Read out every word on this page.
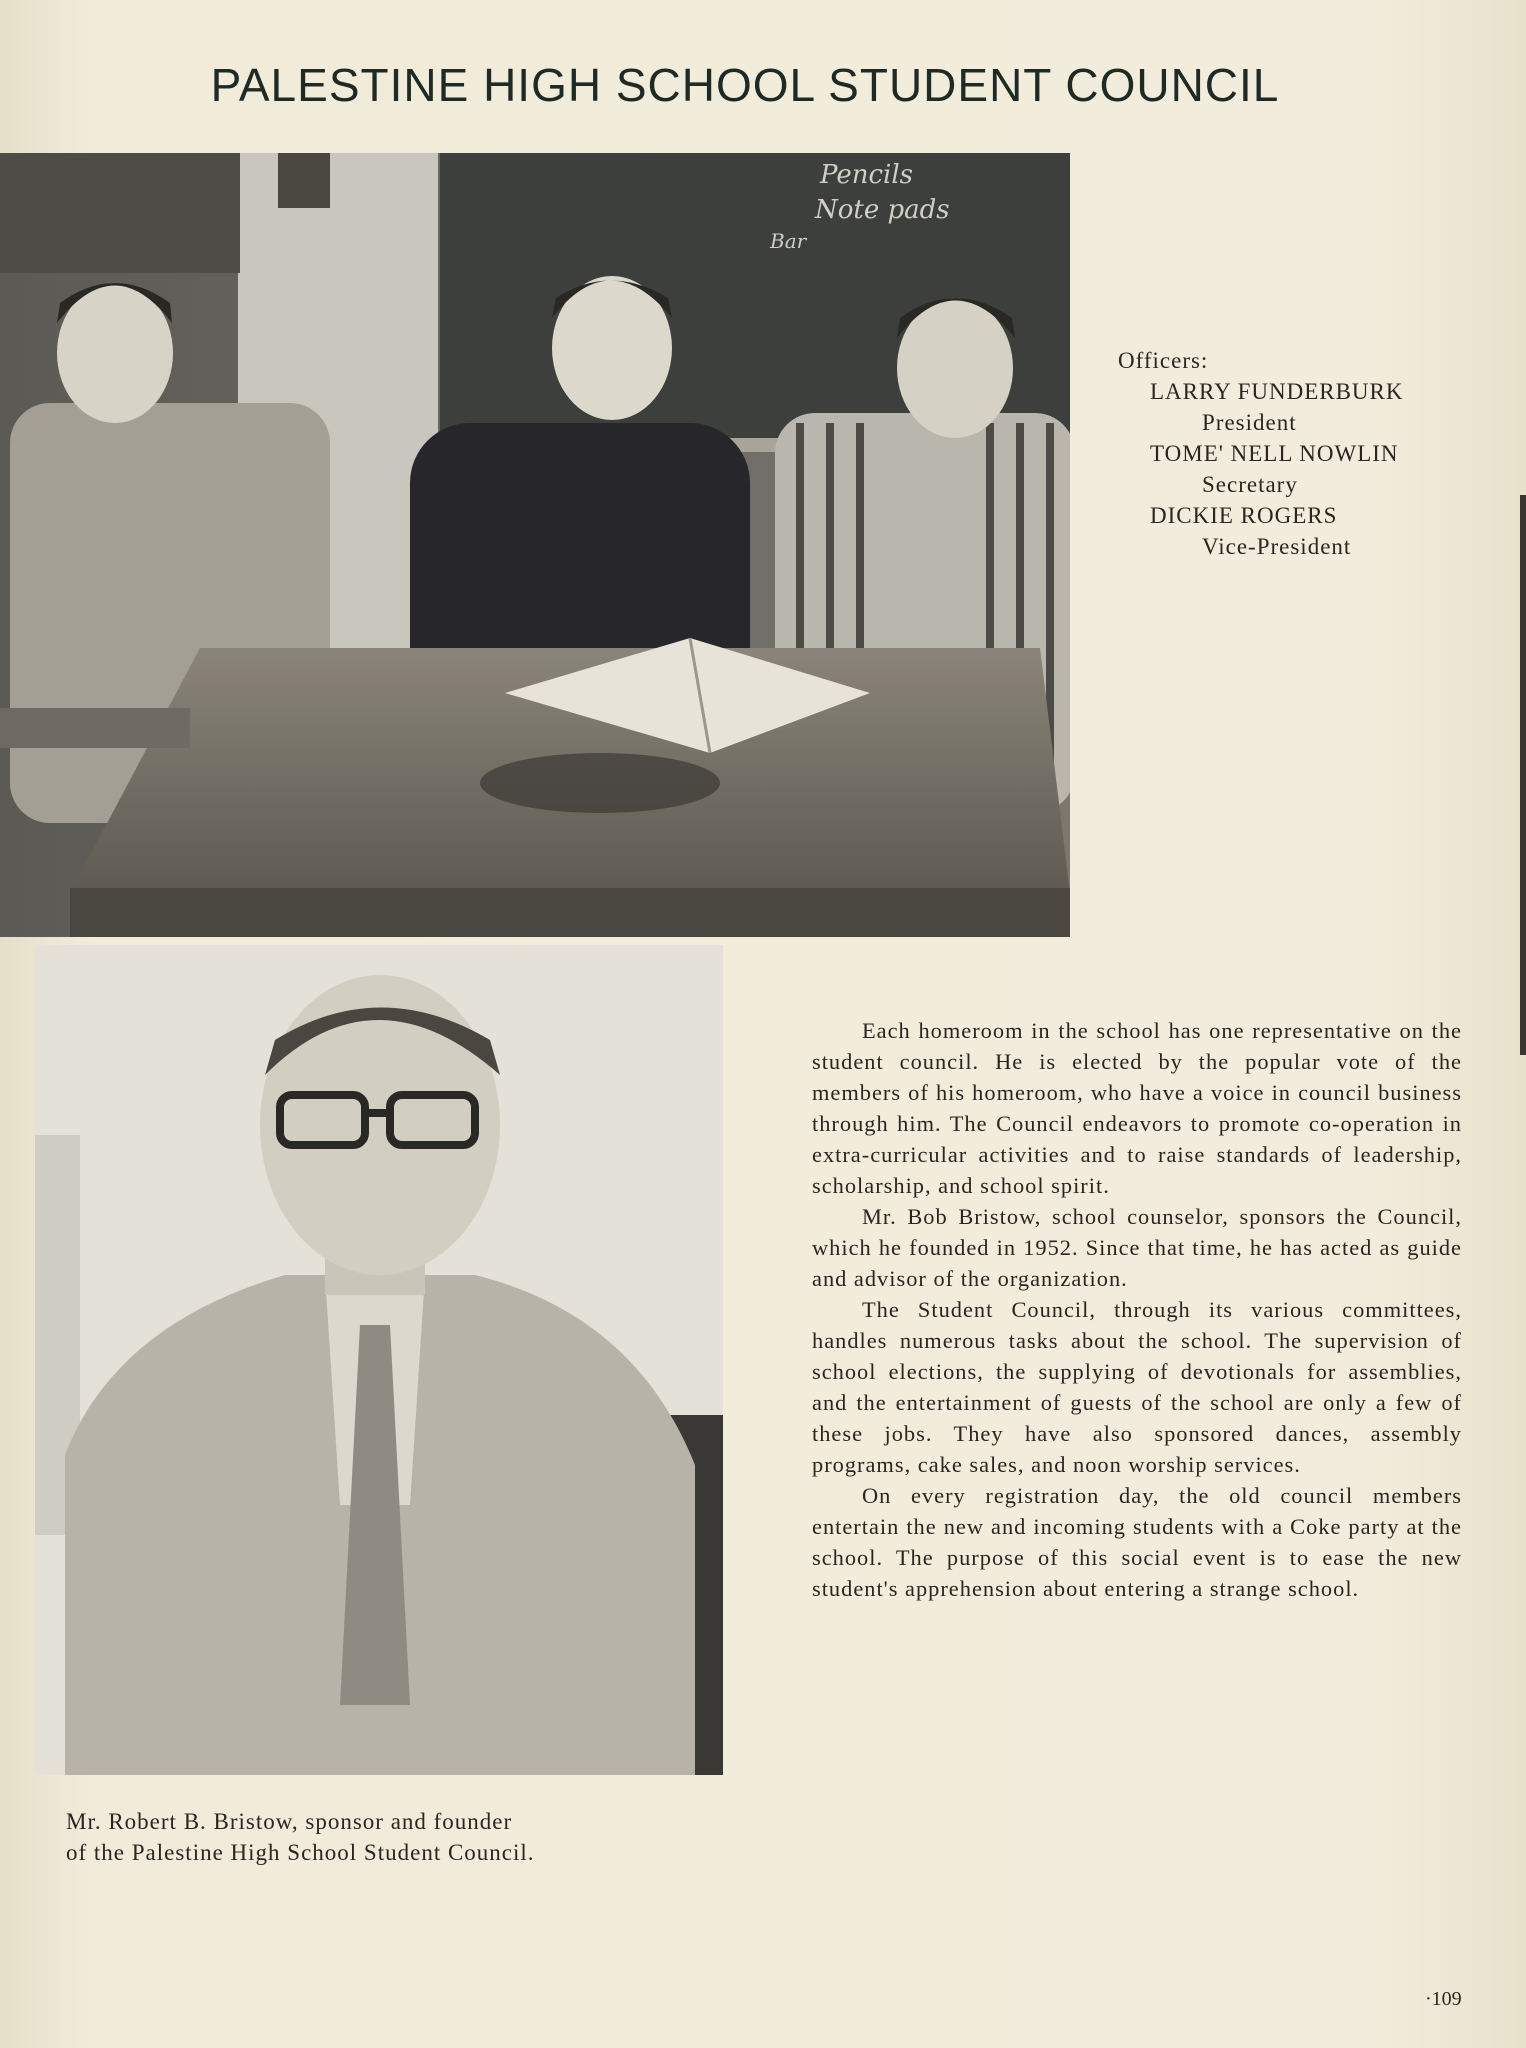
PALESTINE HIGH SCHOOL STUDENT COUNCIL
Pencils
Note pads
Bar
Officers:
LARRY FUNDERBURK
President
TOME' NELL NOWLIN
Secretary
DICKIE ROGERS
Vice-President
Mr. Robert B. Bristow, sponsor and founder
of the Palestine High School Student Council.

Each homeroom in the school has one representative on the student council. He is elected by the popular vote of the members of his homeroom, who have a voice in council business through him. The Council endeavors to promote co-operation in extra-curricular activities and to raise standards of leadership, scholarship, and school spirit.

Mr. Bob Bristow, school counselor, sponsors the Council, which he founded in 1952. Since that time, he has acted as guide and advisor of the organization.

The Student Council, through its various committees, handles numerous tasks about the school. The supervision of school elections, the supplying of devotionals for assemblies, and the entertainment of guests of the school are only a few of these jobs. They have also sponsored dances, assembly programs, cake sales, and noon worship services.

On every registration day, the old council members entertain the new and incoming students with a Coke party at the school. The purpose of this social event is to ease the new student's apprehension about entering a strange school.

·109
